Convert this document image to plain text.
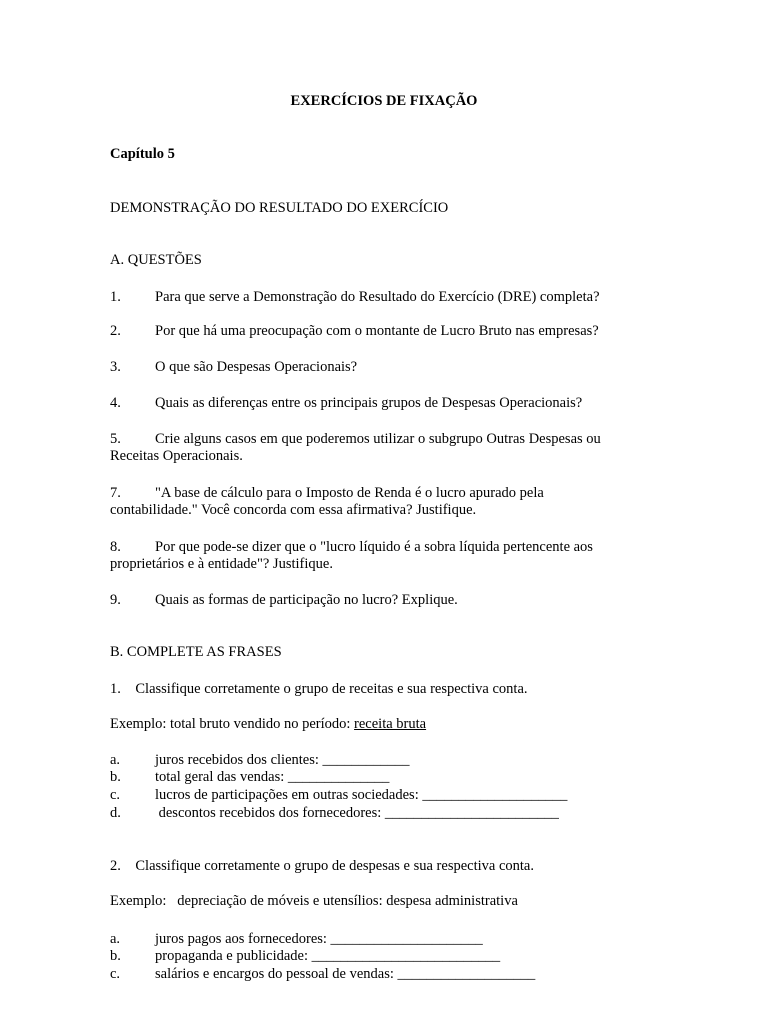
EXERCÍCIOS DE FIXAÇÃO
Capítulo 5
DEMONSTRAÇÃO DO RESULTADO DO EXERCÍCIO
A. QUESTÕES
1. Para que serve a Demonstração do Resultado do Exercício (DRE) completa?
2. Por que há uma preocupação com o montante de Lucro Bruto nas empresas?
3. O que são Despesas Operacionais?
4. Quais as diferenças entre os principais grupos de Despesas Operacionais?
5. Crie alguns casos em que poderemos utilizar o subgrupo Outras Despesas ou
Receitas Operacionais.
7. "A base de cálculo para o Imposto de Renda é o lucro apurado pela
contabilidade." Você concorda com essa afirmativa? Justifique.
8. Por que pode-se dizer que o "lucro líquido é a sobra líquida pertencente aos
proprietários e à entidade"? Justifique.
9. Quais as formas de participação no lucro? Explique.
B. COMPLETE AS FRASES
1.    Classifique corretamente o grupo de receitas e sua respectiva conta.
Exemplo: total bruto vendido no período: receita bruta
a. juros recebidos dos clientes: ____________
b. total geral das vendas: ______________
c. lucros de participações em outras sociedades: ____________________
d. descontos recebidos dos fornecedores: ________________________
2.    Classifique corretamente o grupo de despesas e sua respectiva conta.
Exemplo:   depreciação de móveis e utensílios: despesa administrativa
a. juros pagos aos fornecedores: _____________________
b. propaganda e publicidade: __________________________
c. salários e encargos do pessoal de vendas: ___________________
